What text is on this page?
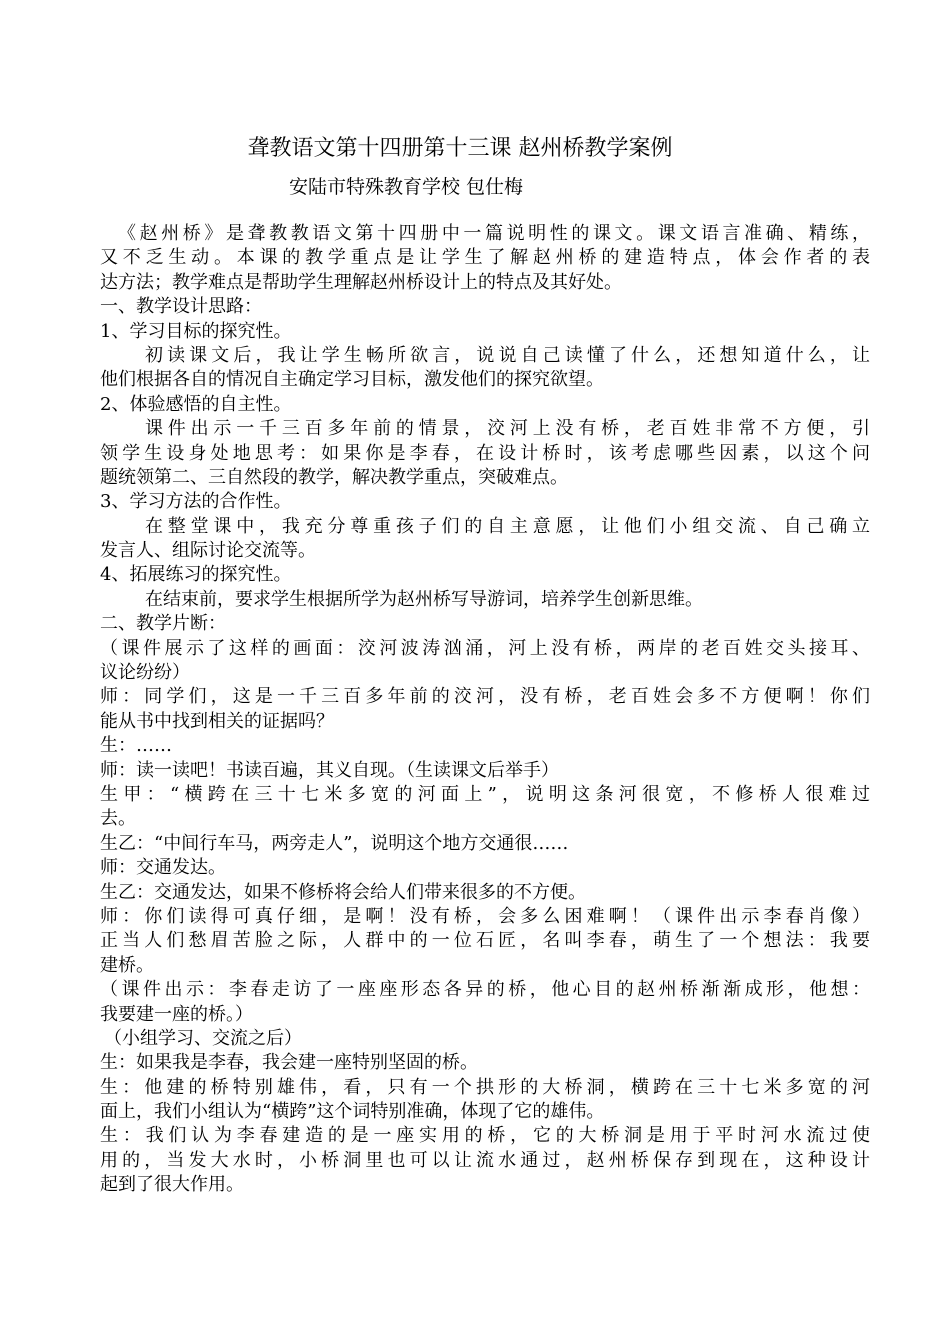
聋教语文第十四册第十三课 赵州桥教学案例
安陆市特殊教育学校 包仕梅
《赵州桥》是聋教教语文第十四册中一篇说明性的课文。课文语言准确、精练，
又不乏生动。本课的教学重点是让学生了解赵州桥的建造特点，体会作者的表
达方法；教学难点是帮助学生理解赵州桥设计上的特点及其好处。
一、教学设计思路：
1、学习目标的探究性。
初读课文后，我让学生畅所欲言，说说自己读懂了什么，还想知道什么，让
他们根据各自的情况自主确定学习目标，激发他们的探究欲望。
2、体验感悟的自主性。
课件出示一千三百多年前的情景，洨河上没有桥，老百姓非常不方便，引
领学生设身处地思考：如果你是李春，在设计桥时，该考虑哪些因素，以这个问
题统领第二、三自然段的教学，解决教学重点，突破难点。
3、学习方法的合作性。
在整堂课中，我充分尊重孩子们的自主意愿，让他们小组交流、自己确立
发言人、组际讨论交流等。
4、拓展练习的探究性。
在结束前，要求学生根据所学为赵州桥写导游词，培养学生创新思维。
二、教学片断：
（课件展示了这样的画面：洨河波涛汹涌，河上没有桥，两岸的老百姓交头接耳、
议论纷纷）
师：同学们，这是一千三百多年前的洨河，没有桥，老百姓会多不方便啊！你们
能从书中找到相关的证据吗？
生：……
师：读一读吧！书读百遍，其义自现。（生读课文后举手）
生甲：“横跨在三十七米多宽的河面上”，说明这条河很宽，不修桥人很难过
去。
生乙：“中间行车马，两旁走人”，说明这个地方交通很……
师：交通发达。
生乙：交通发达，如果不修桥将会给人们带来很多的不方便。
师：你们读得可真仔细，是啊！没有桥，会多么困难啊！（课件出示李春肖像）
正当人们愁眉苦脸之际，人群中的一位石匠，名叫李春，萌生了一个想法：我要
建桥。
（课件出示：李春走访了一座座形态各异的桥，他心目的赵州桥渐渐成形，他想：
我要建一座的桥。）
（小组学习、交流之后）
生：如果我是李春，我会建一座特别坚固的桥。
生：他建的桥特别雄伟，看，只有一个拱形的大桥洞，横跨在三十七米多宽的河
面上，我们小组认为“横跨”这个词特别准确，体现了它的雄伟。
生：我们认为李春建造的是一座实用的桥，它的大桥洞是用于平时河水流过使
用的，当发大水时，小桥洞里也可以让流水通过，赵州桥保存到现在，这种设计
起到了很大作用。
